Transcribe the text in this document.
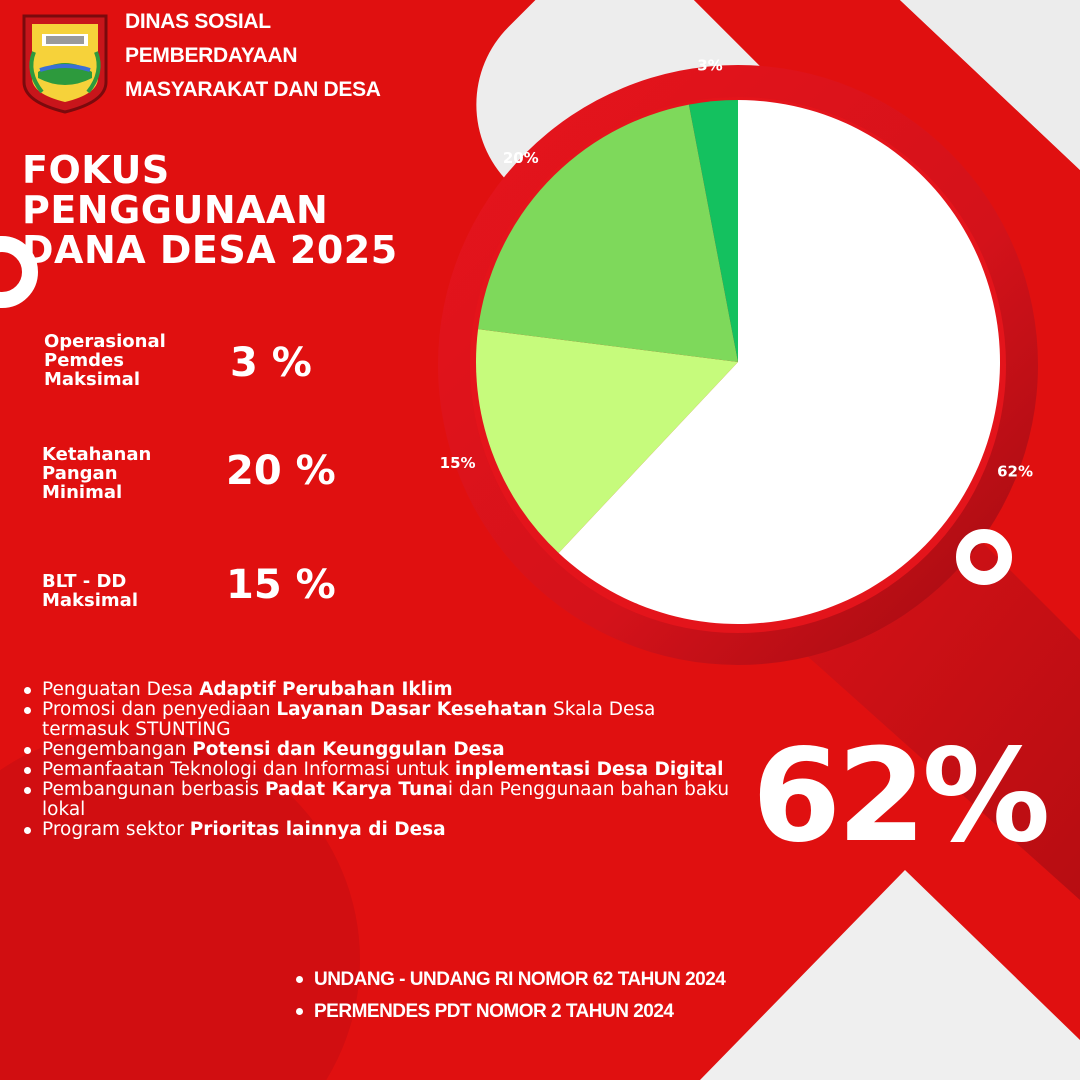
DINAS SOSIAL
PEMBERDAYAAN
MASYARAKAT DAN DESA
FOKUS
PENGGUNAAN
DANA DESA 2025
Operasional
Pemdes
Maksimal	3 %
Ketahanan
Pangan
Minimal	20 %
BLT - DD
Maksimal 15 %
62%
15%
20%
3%
Penguatan Desa Adaptif Perubahan Iklim
Promosi dan penyediaan Layanan Dasar Kesehatan Skala Desa termasuk STUNTING
Pengembangan Potensi dan Keunggulan Desa
Pemanfaatan Teknologi dan Informasi untuk inplementasi Desa Digital
Pembangunan berbasis Padat Karya Tunai dan Penggunaan bahan baku lokal
Program sektor Prioritas lainnya di Desa	62%
UNDANG - UNDANG RI NOMOR 62 TAHUN 2024
PERMENDES PDT NOMOR 2 TAHUN 2024
